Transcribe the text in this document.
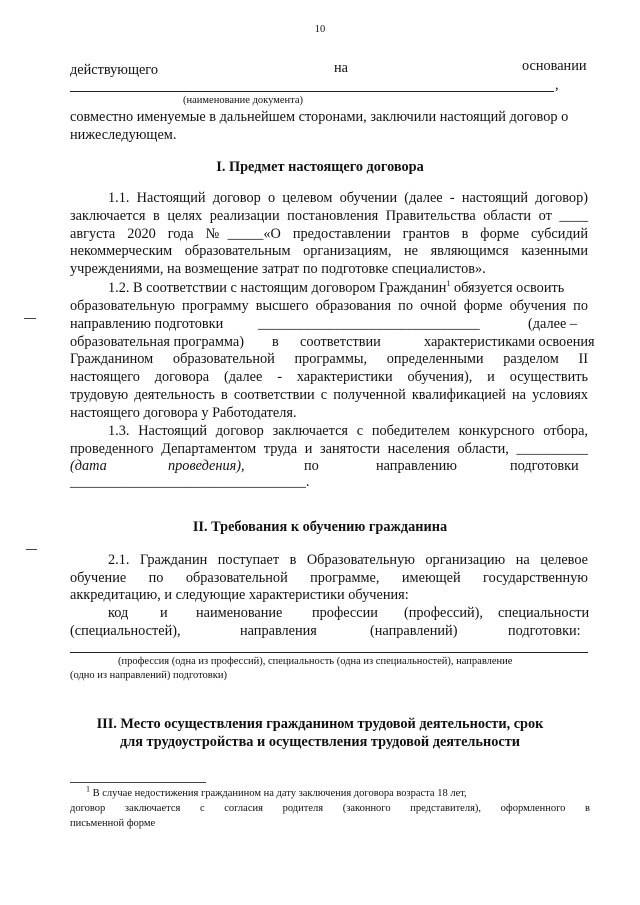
10
действующего	на	основании
,
(наименование документа)
совместно именуемые в дальнейшем сторонами, заключили настоящий договор о
нижеследующем.
I. Предмет настоящего договора
1.1. Настоящий договор о целевом обучении (далее - настоящий договор)
заключается в целях реализации постановления Правительства области от ____
августа 2020 года №_____«О предоставлении грантов в форме субсидий
некоммерческим образовательным организациям, не являющимся казенными
учреждениями, на возмещение затрат по подготовке специалистов».
1.2. В соответствии с настоящим договором Гражданин$^1$ обязуется освоить
образовательную программу высшего образования по очной форме обучения по
направлению подготовки _______________________________	(далее –
образовательная программа) в соответствии	характеристиками освоения
Гражданином образовательной программы, определенными разделом II
настоящего договора (далее - характеристики обучения), и осуществить
трудовую деятельность в соответствии с полученной квалификацией на условиях
настоящего договора у Работодателя.
1.3. Настоящий договор заключается с победителем конкурсного отбора,
проведенного Департаментом труда и занятости населения области, __________
(дата	проведения),	по	направлению	подготовки
_________________________________.
II. Требования к обучению гражданина
2.1. Гражданин поступает в Образовательную организацию на целевое
обучение по образовательной программе, имеющей государственную
аккредитацию, и следующие характеристики обучения:
код и наименование профессии (профессий), специальности
(специальностей),	направления	(направлений)	подготовки:
(профессия (одна из профессий), специальность (одна из специальностей), направление
(одно из направлений) подготовки)
III. Место осуществления гражданином трудовой деятельности, срок
для трудоустройства и осуществления трудовой деятельности
$^1$ В случае недостижения гражданином на дату заключения договора возраста 18 лет,
договор заключается с согласия родителя (законного представителя), оформленного в
письменной форме
